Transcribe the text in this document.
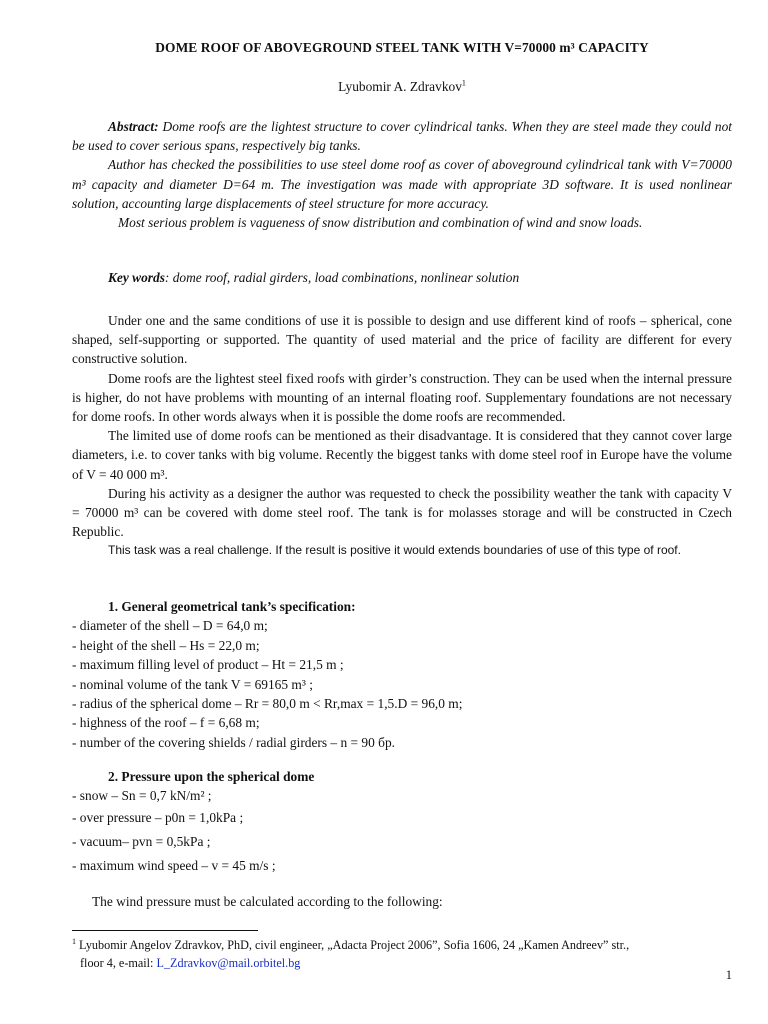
DOME ROOF OF ABOVEGROUND STEEL TANK WITH V=70000 m³ CAPACITY
Lyubomir A. Zdravkov$^1$

Abstract: Dome roofs are the lightest structure to cover cylindrical tanks. When they are steel made they could not be used to cover serious spans, respectively big tanks.

Author has checked the possibilities to use steel dome roof as cover of aboveground cylindrical tank with V=70000 m³ capacity and diameter D=64 m. The investigation was made with appropriate 3D software. It is used nonlinear solution, accounting large displacements of steel structure for more accuracy.

Most serious problem is vagueness of snow distribution and combination of wind and snow loads.

Key words: dome roof, radial girders, load combinations, nonlinear solution

Under one and the same conditions of use it is possible to design and use different kind of roofs – spherical, cone shaped, self-supporting or supported. The quantity of used material and the price of facility are different for every constructive solution.

Dome roofs are the lightest steel fixed roofs with girder’s construction. They can be used when the internal pressure is higher, do not have problems with mounting of an internal floating roof. Supplementary foundations are not necessary for dome roofs. In other words always when it is possible the dome roofs are recommended.

The limited use of dome roofs can be mentioned as their disadvantage. It is considered that they cannot cover large diameters, i.e. to cover tanks with big volume. Recently the biggest tanks with dome steel roof in Europe have the volume of V = 40 000 m³.

During his activity as a designer the author was requested to check the possibility weather the tank with capacity V = 70000 m³ can be covered with dome steel roof. The tank is for molasses storage and will be constructed in Czech Republic.

This task was a real challenge. If the result is positive it would extends boundaries of use of this type of roof.

1. General geometrical tank’s specification:
- diameter of the shell – D = 64,0 m;
- height of the shell – Hs = 22,0 m;
- maximum filling level of product – Ht = 21,5 m ;
- nominal volume of the tank V = 69165 m³ ;
- radius of the spherical dome – Rr = 80,0 m < Rr,max = 1,5.D = 96,0 m;
- highness of the roof – f = 6,68 m;
- number of the covering shields / radial girders – n = 90 бр.
2. Pressure upon the spherical dome
- snow – Sn = 0,7 kN/m² ;
- over pressure – p0n = 1,0kPa ;
- vacuum– pvn = 0,5kPa ;
- maximum wind speed – v = 45 m/s ;
The wind pressure must be calculated according to the following:
$^1$ Lyubomir Angelov Zdravkov, PhD, civil engineer, „Adacta Project 2006”, Sofia 1606, 24 „Kamen Andreev” str.,
floor 4, e-mail: L_Zdravkov@mail.orbitel.bg
1
